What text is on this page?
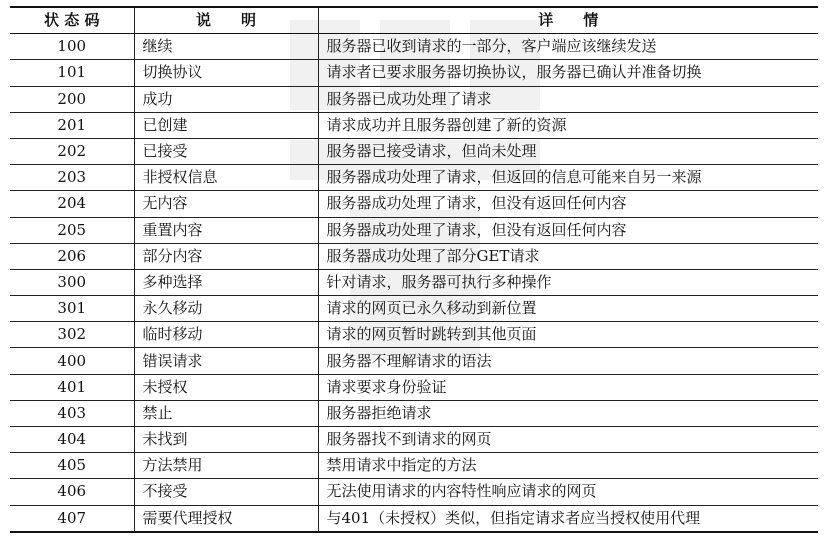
状 态 码	说　　明	详　　情
100	继续	服务器已收到请求的一部分，客户端应该继续发送
101	切换协议	请求者已要求服务器切换协议，服务器已确认并准备切换
200	成功	服务器已成功处理了请求
201	已创建	请求成功并且服务器创建了新的资源
202	已接受	服务器已接受请求，但尚未处理
203	非授权信息	服务器成功处理了请求，但返回的信息可能来自另一来源
204	无内容	服务器成功处理了请求，但没有返回任何内容
205	重置内容	服务器成功处理了请求，但没有返回任何内容
206	部分内容	服务器成功处理了部分GET请求
300	多种选择	针对请求，服务器可执行多种操作
301	永久移动	请求的网页已永久移动到新位置
302	临时移动	请求的网页暂时跳转到其他页面
400	错误请求	服务器不理解请求的语法
401	未授权	请求要求身份验证
403	禁止	服务器拒绝请求
404	未找到	服务器找不到请求的网页
405	方法禁用	禁用请求中指定的方法
406	不接受	无法使用请求的内容特性响应请求的网页
407	需要代理授权	与401（未授权）类似，但指定请求者应当授权使用代理
